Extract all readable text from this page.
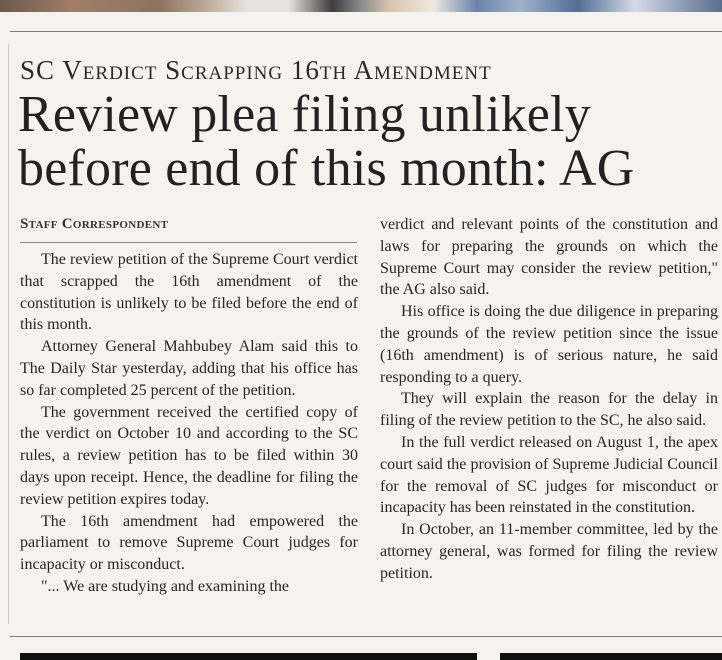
SC Verdict Scrapping 16th Amendment
Review plea filing unlikely before end of this month: AG
Staff Correspondent

The review petition of the Supreme Court verdict that scrapped the 16th amendment of the constitution is unlikely to be filed before the end of this month.

Attorney General Mahbubey Alam said this to The Daily Star yesterday, adding that his office has so far completed 25 percent of the petition.

The government received the certified copy of the verdict on October 10 and according to the SC rules, a review petition has to be filed within 30 days upon receipt. Hence, the deadline for filing the review petition expires today.

The 16th amendment had empowered the parliament to remove Supreme Court judges for incapacity or misconduct.

"... We are studying and examining the

verdict and relevant points of the constitution and laws for preparing the grounds on which the Supreme Court may consider the review petition," the AG also said.

His office is doing the due diligence in preparing the grounds of the review petition since the issue (16th amendment) is of serious nature, he said responding to a query.

They will explain the reason for the delay in filing of the review petition to the SC, he also said.

In the full verdict released on August 1, the apex court said the provision of Supreme Judicial Council for the removal of SC judges for misconduct or incapacity has been reinstated in the constitution.

In October, an 11-member committee, led by the attorney general, was formed for filing the review petition.
